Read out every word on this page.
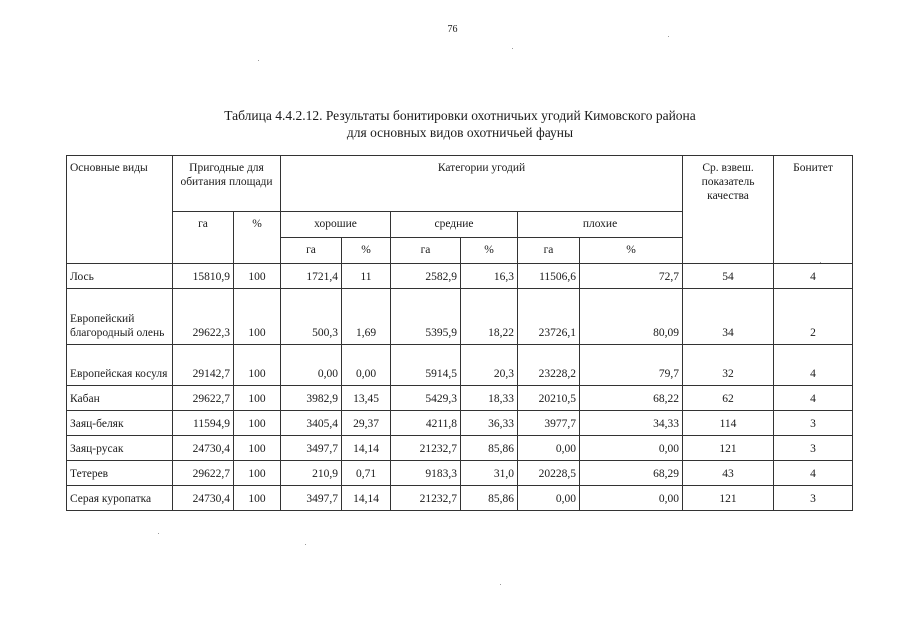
76
Таблица 4.4.2.12. Результаты бонитировки охотничьих угодий Кимовского района
для основных видов охотничьей фауны
Основные виды	Пригодные для обитания площади		Категории угодий						Ср. взвеш. показатель качества	Бонитет
	га	%	хорошие		средние		плохие			
			га	%	га	%	га	%		
Лось	15810,9	100	1721,4	11	2582,9	16,3	11506,6	72,7	54	4
Европейский благородный олень	29622,3	100	500,3	1,69	5395,9	18,22	23726,1	80,09	34	2
Европейская косуля	29142,7	100	0,00	0,00	5914,5	20,3	23228,2	79,7	32	4
Кабан	29622,7	100	3982,9	13,45	5429,3	18,33	20210,5	68,22	62	4
Заяц-беляк	11594,9	100	3405,4	29,37	4211,8	36,33	3977,7	34,33	114	3
Заяц-русак	24730,4	100	3497,7	14,14	21232,7	85,86	0,00	0,00	121	3
Тетерев	29622,7	100	210,9	0,71	9183,3	31,0	20228,5	68,29	43	4
Серая куропатка	24730,4	100	3497,7	14,14	21232,7	85,86	0,00	0,00	121	3
